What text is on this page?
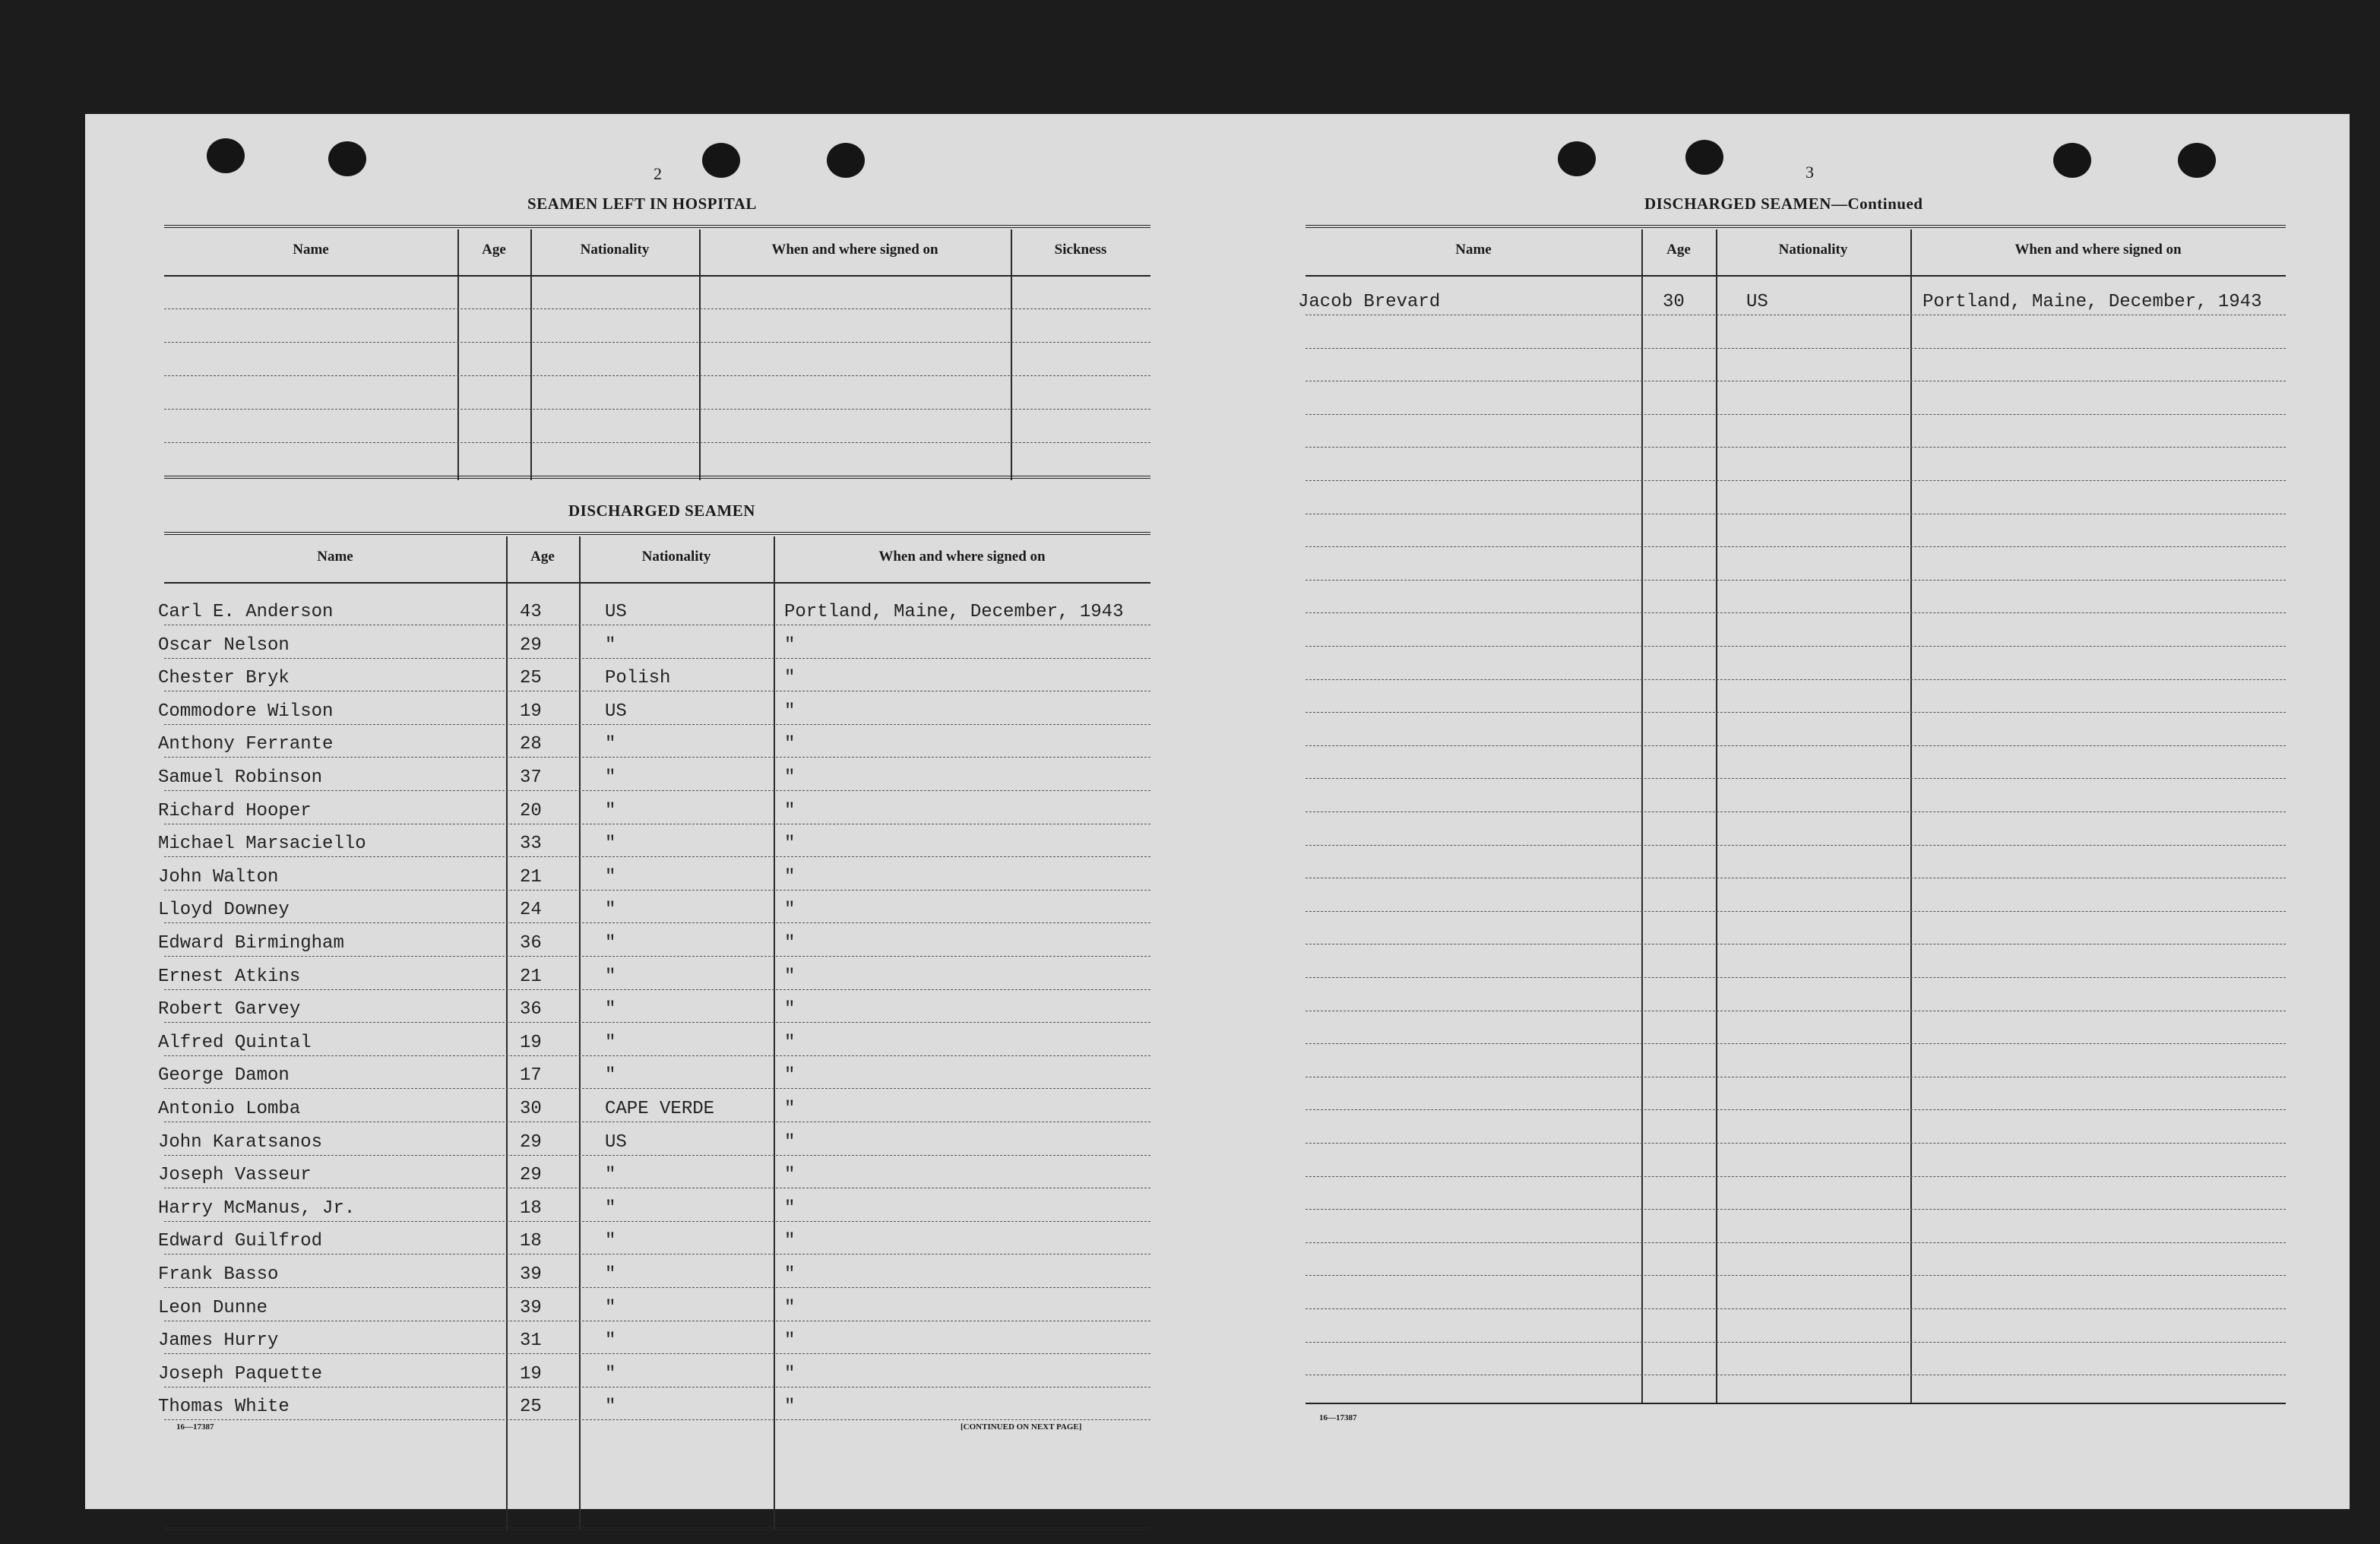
2
SEAMEN LEFT IN HOSPITAL
Name	Age	Nationality	When and where signed on	Sickness
DISCHARGED SEAMEN
Name	Age	Nationality	When and where signed on
Carl E. Anderson	43	US	Portland, Maine, December, 1943
Oscar Nelson	29	"	"
Chester Bryk	25	Polish	"
Commodore Wilson	19	US	"
Anthony Ferrante	28	"	"
Samuel Robinson	37	"	"
Richard Hooper	20	"	"
Michael Marsaciello	33	"	"
John Walton	21	"	"
Lloyd Downey	24	"	"
Edward Birmingham	36	"	"
Ernest Atkins	21	"	"
Robert Garvey	36	"	"
Alfred Quintal	19	"	"
George Damon	17	"	"
Antonio Lomba	30	CAPE VERDE	"
John Karatsanos	29	US	"
Joseph Vasseur	29	"	"
Harry McManus, Jr.	18	"	"
Edward Guilfrod	18	"	"
Frank Basso	39	"	"
Leon Dunne	39	"	"
James Hurry	31	"	"
Joseph Paquette	19	"	"
Thomas White	25	"	"
16—17387	[CONTINUED ON NEXT PAGE]
3
DISCHARGED SEAMEN—Continued
Name	Age	Nationality	When and where signed on
Jacob Brevard	30	US	Portland, Maine, December, 1943
16—17387
